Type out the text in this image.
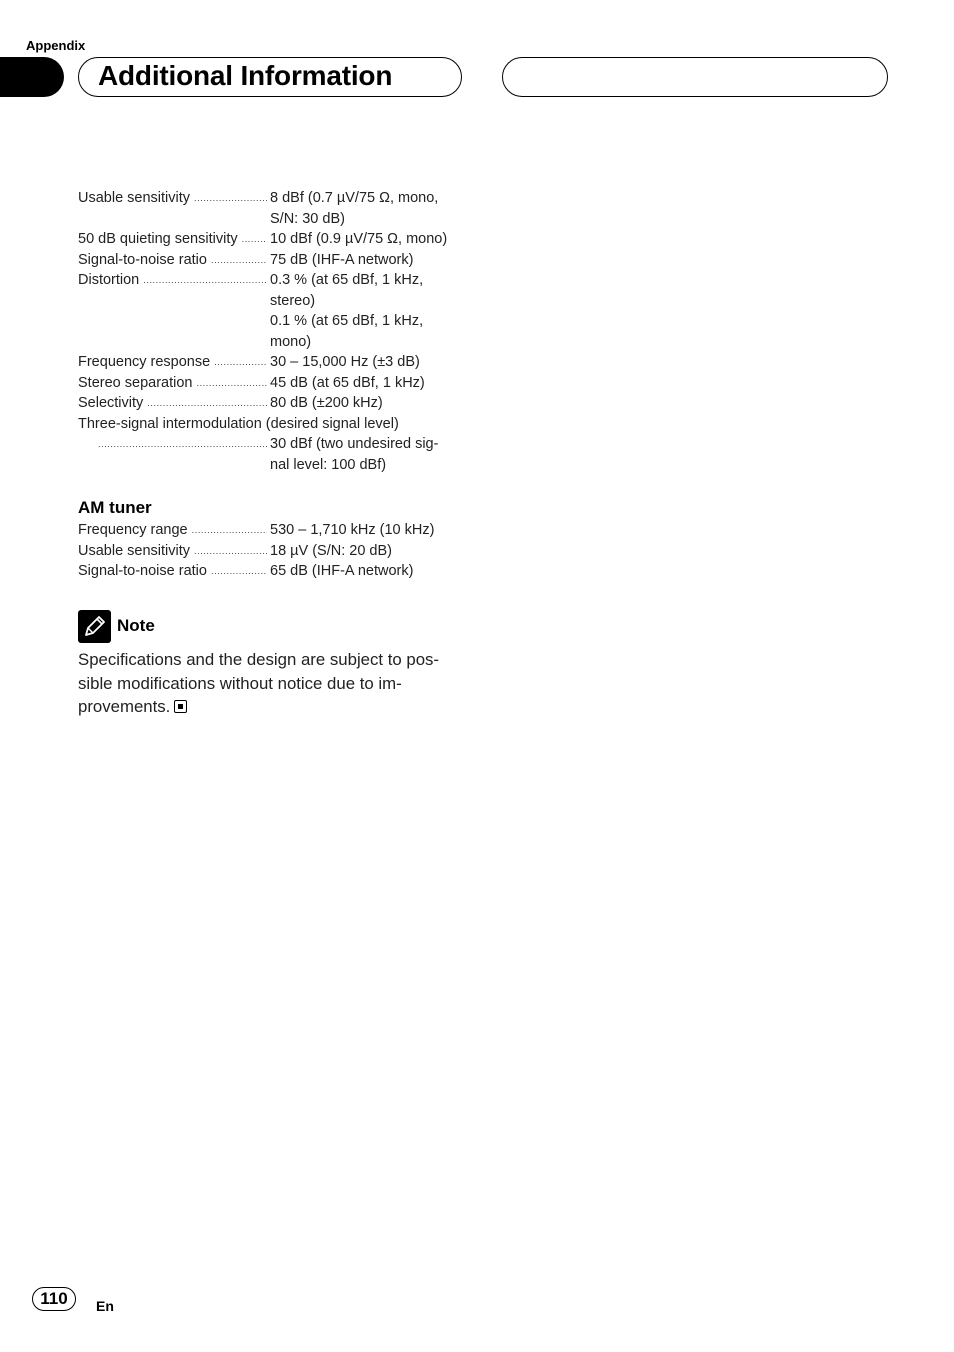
Appendix
Additional Information
Usable sensitivity .....	8 dBf (0.7 µV/75 Ω, mono,
S/N: 30 dB)
50 dB quieting sensitivity ..... 10 dBf (0.9 µV/75 Ω, mono)
Signal-to-noise ratio .....	75 dB (IHF-A network)
Distortion .....	0.3 % (at 65 dBf, 1 kHz,
stereo)
0.1 % (at 65 dBf, 1 kHz,
mono)
Frequency response .....	30 – 15,000 Hz (±3 dB)
Stereo separation .....	45 dB (at 65 dBf, 1 kHz)
Selectivity .....	80 dB (±200 kHz)
Three-signal intermodulation (desired signal level)
.....
30 dBf (two undesired sig-
nal level: 100 dBf)
AM tuner
Frequency range .....	530 – 1,710 kHz (10 kHz)
Usable sensitivity .....	18 µV (S/N: 20 dB)
Signal-to-noise ratio .....	65 dB (IHF-A network)
Note
Specifications and the design are subject to pos-
sible modifications without notice due to im-
provements.
110	En
